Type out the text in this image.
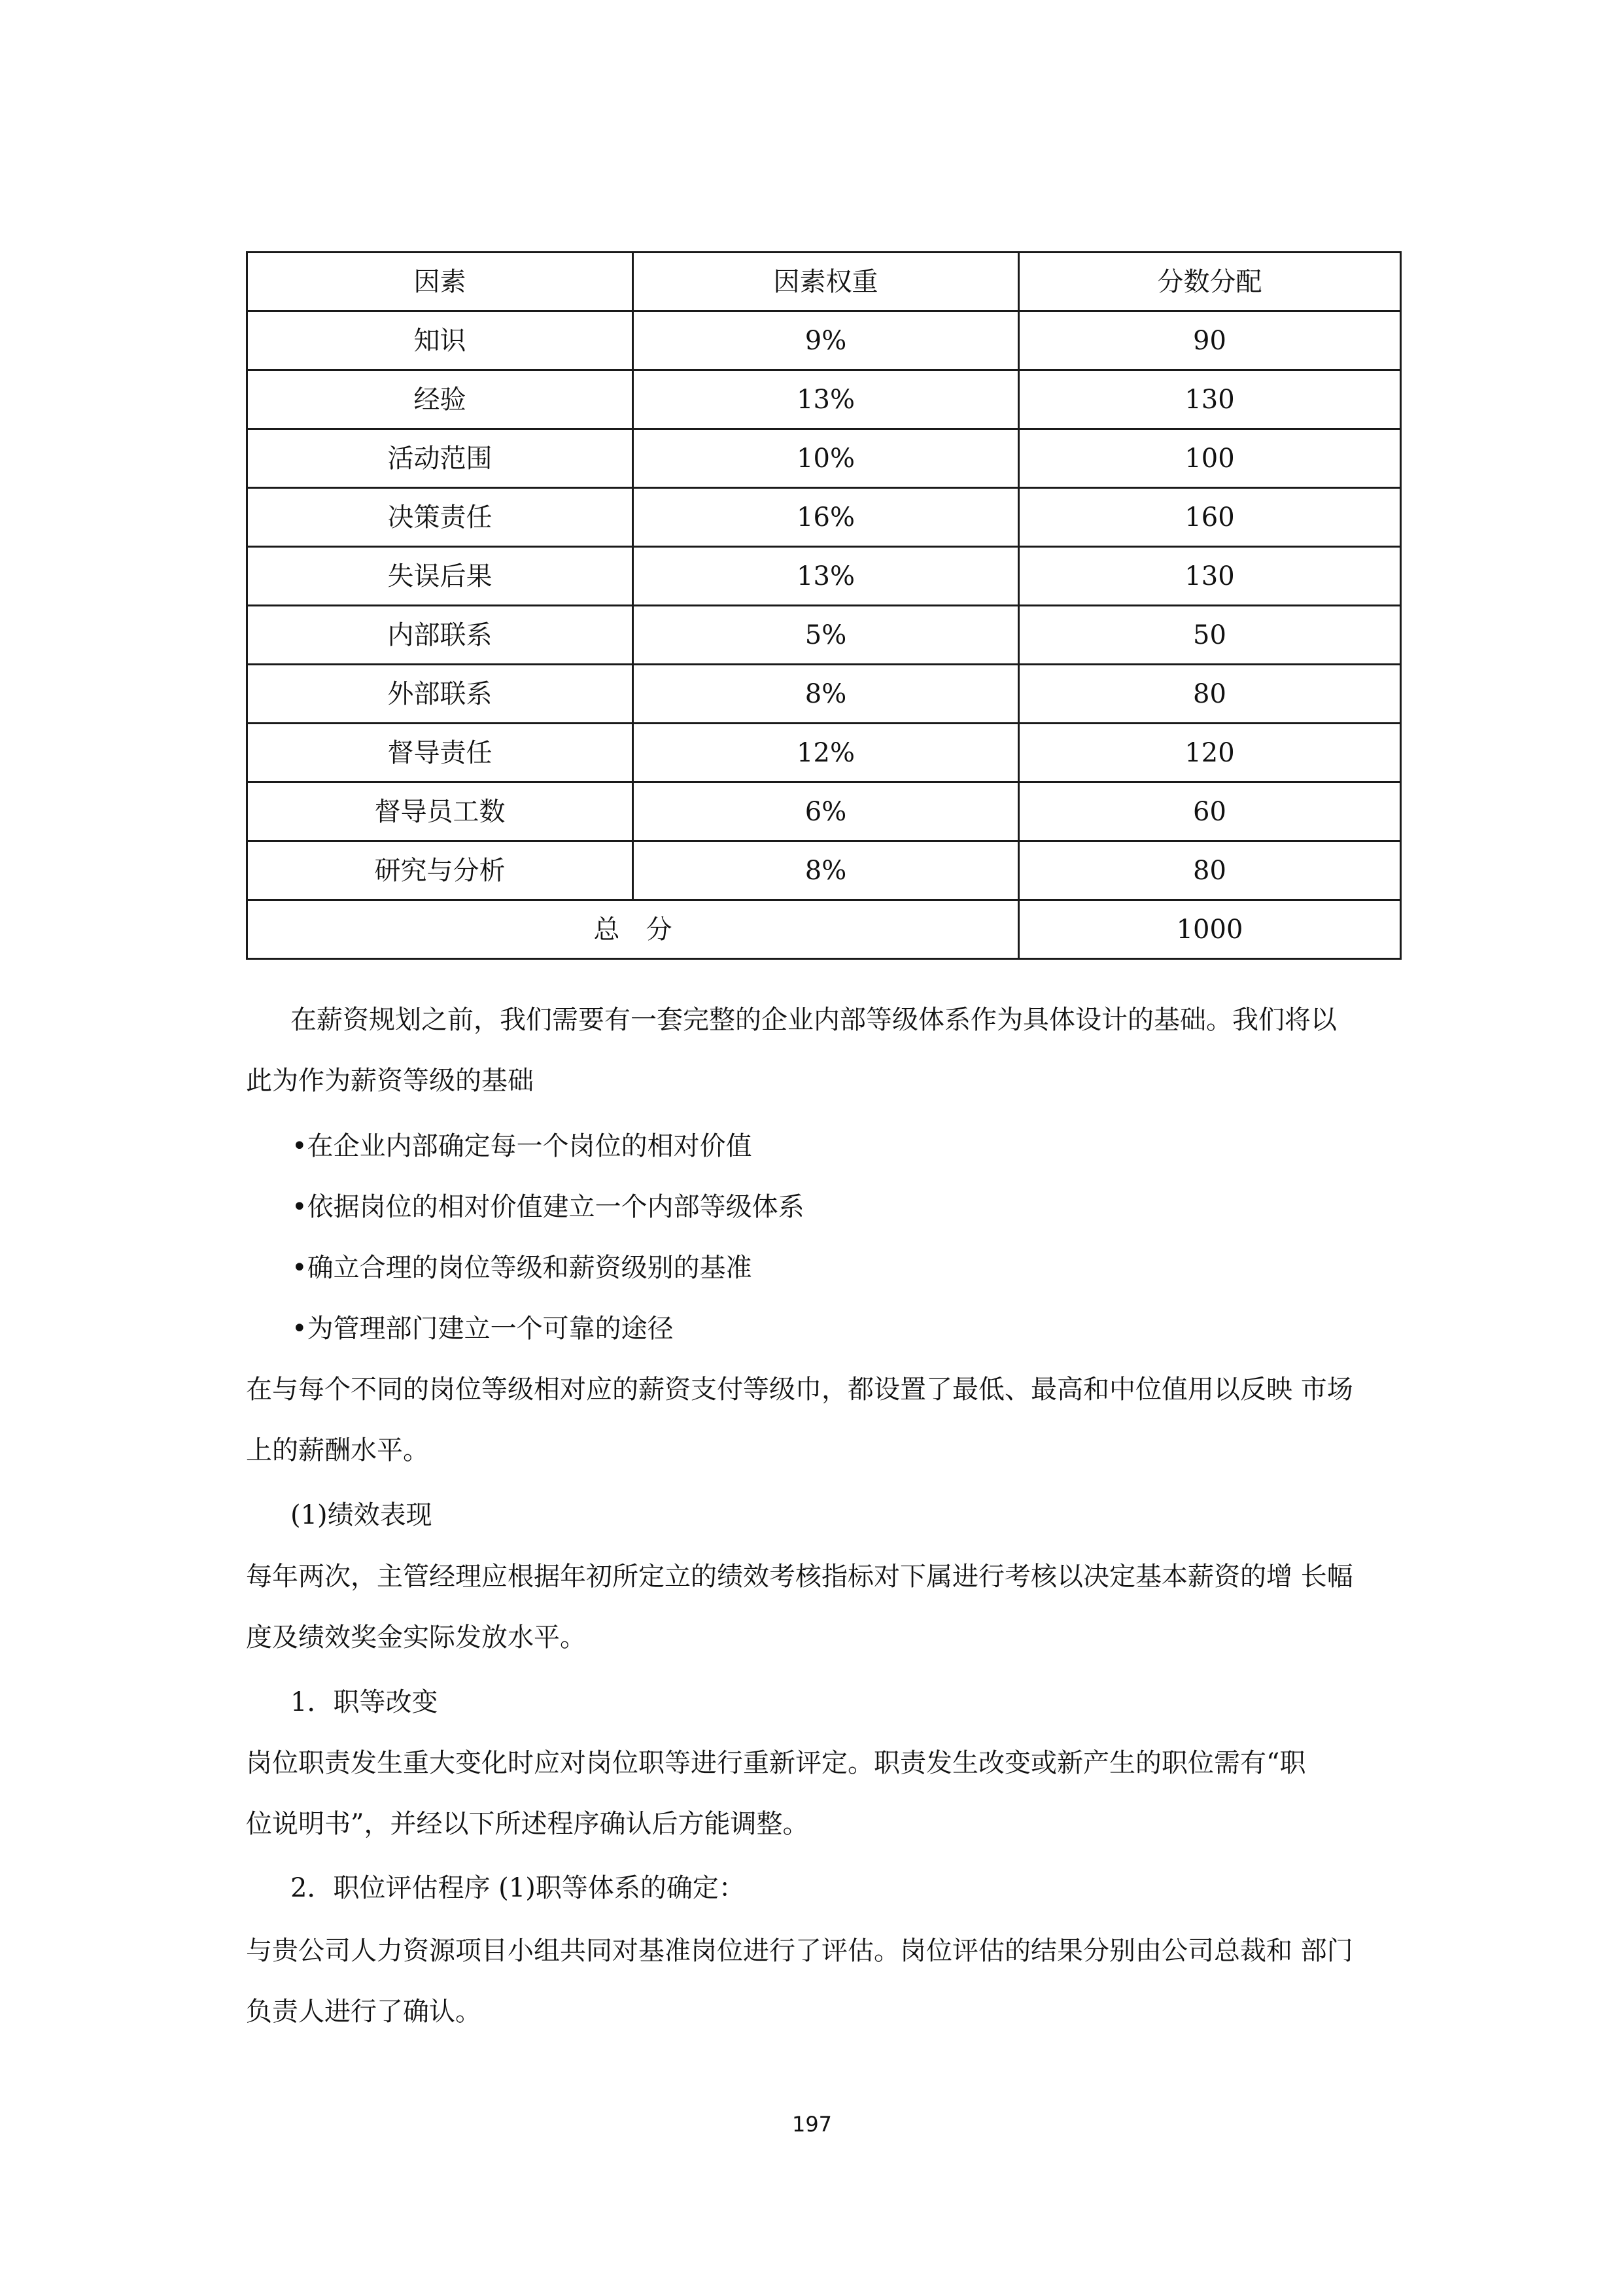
因素	因素权重	分数分配
知识	9%	90
经验	13%	130
活动范围	10%	100
决策责任	16%	160
失误后果	13%	130
内部联系	5%	50
外部联系	8%	80
督导责任	12%	120
督导员工数	6%	60
研究与分析	8%	80
总　分		1000

在薪资规划之前，我们需要有一套完整的企业内部等级体系作为具体设计的基础。我们将以

此为作为薪资等级的基础

•在企业内部确定每一个岗位的相对价值

•依据岗位的相对价值建立一个内部等级体系

•确立合理的岗位等级和薪资级别的基准

•为管理部门建立一个可靠的途径

在与每个不同的岗位等级相对应的薪资支付等级巾，都设置了最低、最高和中位值用以反映 市场

上的薪酬水平。

(1)绩效表现

每年两次，主管经理应根据年初所定立的绩效考核指标对下属进行考核以决定基本薪资的增 长幅

度及绩效奖金实际发放水平。

1．职等改变

岗位职责发生重大变化时应对岗位职等进行重新评定。职责发生改变或新产生的职位需有“职

位说明书”，并经以下所述程序确认后方能调整。

2．职位评估程序 (1)职等体系的确定：

与贵公司人力资源项目小组共同对基准岗位进行了评估。岗位评估的结果分别由公司总裁和 部门

负责人进行了确认。

197
